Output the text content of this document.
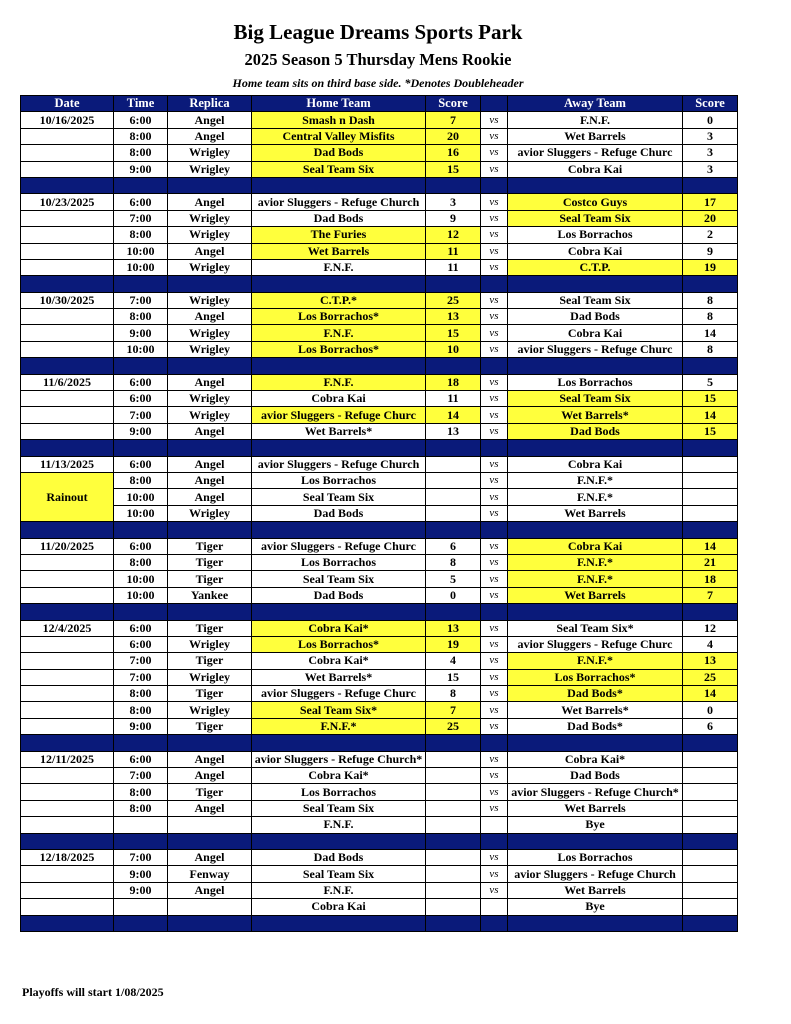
Big League Dreams Sports Park
2025 Season 5 Thursday Mens Rookie
Home team sits on third base side. *Denotes Doubleheader
Date	Time	Replica	Home Team	Score		Away Team	Score
10/16/2025	6:00	Angel	Smash n Dash	7	vs	F.N.F.	0
	8:00	Angel	Central Valley Misfits	20	vs	Wet Barrels	3
	8:00	Wrigley	Dad Bods	16	vs	avior Sluggers - Refuge Churc	3
	9:00	Wrigley	Seal Team Six	15	vs	Cobra Kai	3

10/23/2025	6:00	Angel	avior Sluggers - Refuge Church	3	vs	Costco Guys	17
	7:00	Wrigley	Dad Bods	9	vs	Seal Team Six	20
	8:00	Wrigley	The Furies	12	vs	Los Borrachos	2
	10:00	Angel	Wet Barrels	11	vs	Cobra Kai	9
	10:00	Wrigley	F.N.F.	11	vs	C.T.P.	19

10/30/2025	7:00	Wrigley	C.T.P.*	25	vs	Seal Team Six	8
	8:00	Angel	Los Borrachos*	13	vs	Dad Bods	8
	9:00	Wrigley	F.N.F.	15	vs	Cobra Kai	14
	10:00	Wrigley	Los Borrachos*	10	vs	avior Sluggers - Refuge Churc	8

11/6/2025	6:00	Angel	F.N.F.	18	vs	Los Borrachos	5
	6:00	Wrigley	Cobra Kai	11	vs	Seal Team Six	15
	7:00	Wrigley	avior Sluggers - Refuge Churc	14	vs	Wet Barrels*	14
	9:00	Angel	Wet Barrels*	13	vs	Dad Bods	15

11/13/2025	6:00	Angel	avior Sluggers - Refuge Church		vs	Cobra Kai	
Rainout	8:00	Angel	Los Borrachos		vs	F.N.F.*	
	10:00	Angel	Seal Team Six		vs	F.N.F.*	
	10:00	Wrigley	Dad Bods		vs	Wet Barrels	

11/20/2025	6:00	Tiger	avior Sluggers - Refuge Churc	6	vs	Cobra Kai	14
	8:00	Tiger	Los Borrachos	8	vs	F.N.F.*	21
	10:00	Tiger	Seal Team Six	5	vs	F.N.F.*	18
	10:00	Yankee	Dad Bods	0	vs	Wet Barrels	7

12/4/2025	6:00	Tiger	Cobra Kai*	13	vs	Seal Team Six*	12
	6:00	Wrigley	Los Borrachos*	19	vs	avior Sluggers - Refuge Churc	4
	7:00	Tiger	Cobra Kai*	4	vs	F.N.F.*	13
	7:00	Wrigley	Wet Barrels*	15	vs	Los Borrachos*	25
	8:00	Tiger	avior Sluggers - Refuge Churc	8	vs	Dad Bods*	14
	8:00	Wrigley	Seal Team Six*	7	vs	Wet Barrels*	0
	9:00	Tiger	F.N.F.*	25	vs	Dad Bods*	6

12/11/2025	6:00	Angel	avior Sluggers - Refuge Church*		vs	Cobra Kai*	
	7:00	Angel	Cobra Kai*		vs	Dad Bods	
	8:00	Tiger	Los Borrachos		vs	avior Sluggers - Refuge Church*	
	8:00	Angel	Seal Team Six		vs	Wet Barrels	
			F.N.F.			Bye	

12/18/2025	7:00	Angel	Dad Bods		vs	Los Borrachos	
	9:00	Fenway	Seal Team Six		vs	avior Sluggers - Refuge Church	
	9:00	Angel	F.N.F.		vs	Wet Barrels	
			Cobra Kai			Bye	

Playoffs will start 1/08/2025
